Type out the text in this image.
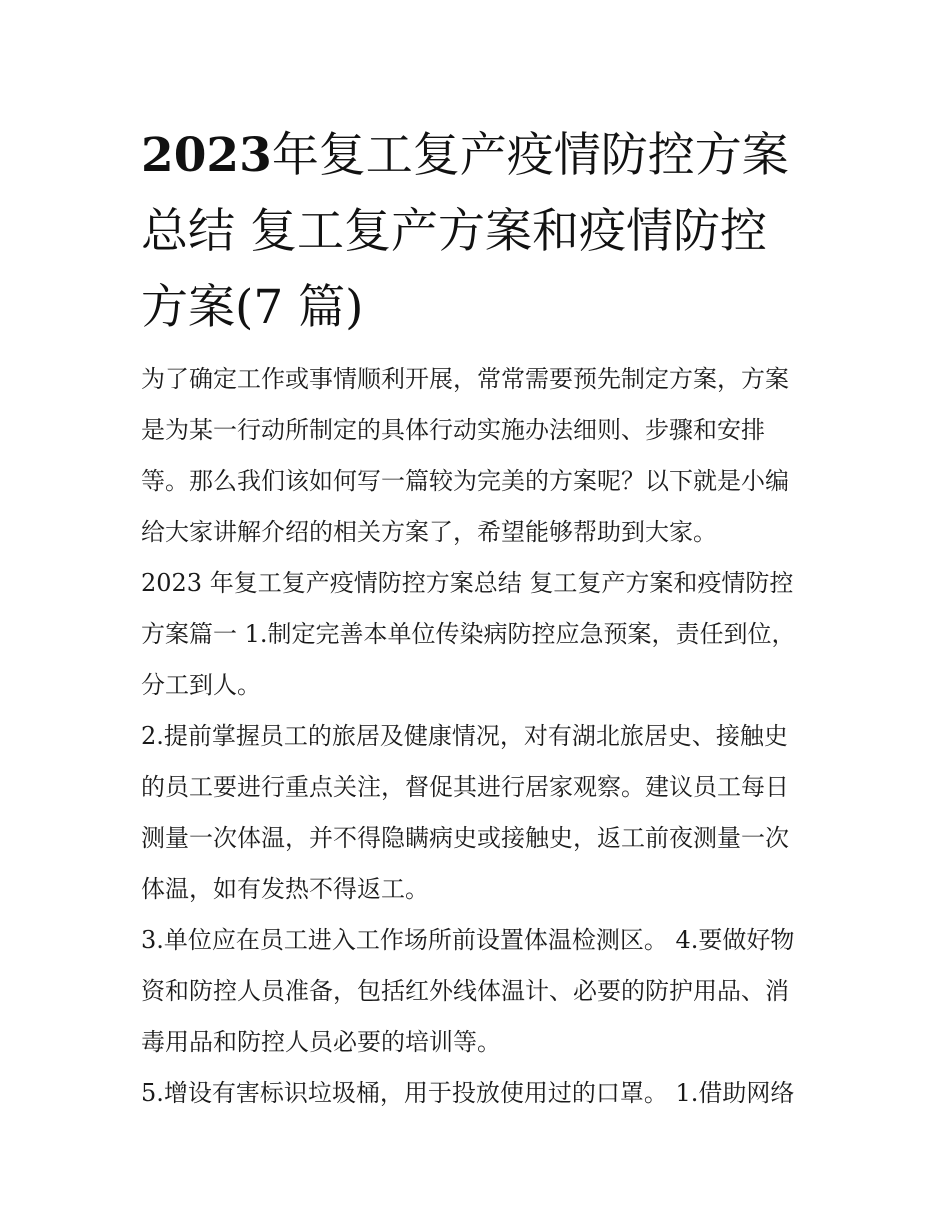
2023年复工复产疫情防控方案
总结 复工复产方案和疫情防控
方案(7 篇)
为了确定工作或事情顺利开展，常常需要预先制定方案，方案
是为某一行动所制定的具体行动实施办法细则、步骤和安排
等。那么我们该如何写一篇较为完美的方案呢？以下就是小编
给大家讲解介绍的相关方案了，希望能够帮助到大家。
2023 年复工复产疫情防控方案总结 复工复产方案和疫情防控
方案篇一 1.制定完善本单位传染病防控应急预案，责任到位，
分工到人。
2.提前掌握员工的旅居及健康情况，对有湖北旅居史、接触史
的员工要进行重点关注，督促其进行居家观察。建议员工每日
测量一次体温，并不得隐瞒病史或接触史，返工前夜测量一次
体温，如有发热不得返工。
3.单位应在员工进入工作场所前设置体温检测区。 4.要做好物
资和防控人员准备，包括红外线体温计、必要的防护用品、消
毒用品和防控人员必要的培训等。
5.增设有害标识垃圾桶，用于投放使用过的口罩。 1.借助网络
